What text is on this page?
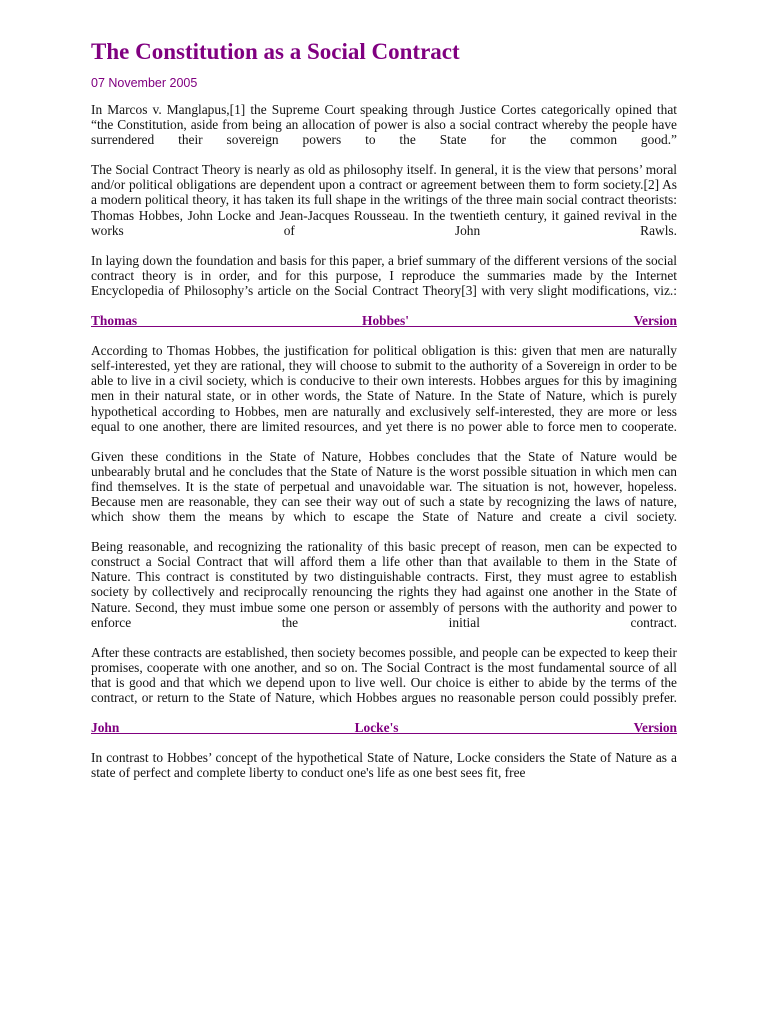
The Constitution as a Social Contract
07 November 2005

In Marcos v. Manglapus,[1] the Supreme Court speaking through Justice Cortes categorically opined that “the Constitution, aside from being an allocation of power is also a social contract whereby the people have surrendered their sovereign powers to the State for the common good.”

The Social Contract Theory is nearly as old as philosophy itself. In general, it is the view that persons’ moral and/or political obligations are dependent upon a contract or agreement between them to form society.[2] As a modern political theory, it has taken its full shape in the writings of the three main social contract theorists: Thomas Hobbes, John Locke and Jean-Jacques Rousseau. In the twentieth century, it gained revival in the works of John Rawls.

In laying down the foundation and basis for this paper, a brief summary of the different versions of the social contract theory is in order, and for this purpose, I reproduce the summaries made by the Internet Encyclopedia of Philosophy’s article on the Social Contract Theory[3] with very slight modifications, viz.:

Thomas Hobbes' Version

According to Thomas Hobbes, the justification for political obligation is this: given that men are naturally self-interested, yet they are rational, they will choose to submit to the authority of a Sovereign in order to be able to live in a civil society, which is conducive to their own interests. Hobbes argues for this by imagining men in their natural state, or in other words, the State of Nature. In the State of Nature, which is purely hypothetical according to Hobbes, men are naturally and exclusively self-interested, they are more or less equal to one another, there are limited resources, and yet there is no power able to force men to cooperate.

Given these conditions in the State of Nature, Hobbes concludes that the State of Nature would be unbearably brutal and he concludes that the State of Nature is the worst possible situation in which men can find themselves. It is the state of perpetual and unavoidable war. The situation is not, however, hopeless. Because men are reasonable, they can see their way out of such a state by recognizing the laws of nature, which show them the means by which to escape the State of Nature and create a civil society.

Being reasonable, and recognizing the rationality of this basic precept of reason, men can be expected to construct a Social Contract that will afford them a life other than that available to them in the State of Nature. This contract is constituted by two distinguishable contracts. First, they must agree to establish society by collectively and reciprocally renouncing the rights they had against one another in the State of Nature. Second, they must imbue some one person or assembly of persons with the authority and power to enforce the initial contract.

After these contracts are established, then society becomes possible, and people can be expected to keep their promises, cooperate with one another, and so on. The Social Contract is the most fundamental source of all that is good and that which we depend upon to live well. Our choice is either to abide by the terms of the contract, or return to the State of Nature, which Hobbes argues no reasonable person could possibly prefer.

John Locke's Version

In contrast to Hobbes’ concept of the hypothetical State of Nature, Locke considers the State of Nature as a state of perfect and complete liberty to conduct one's life as one best sees fit, free
